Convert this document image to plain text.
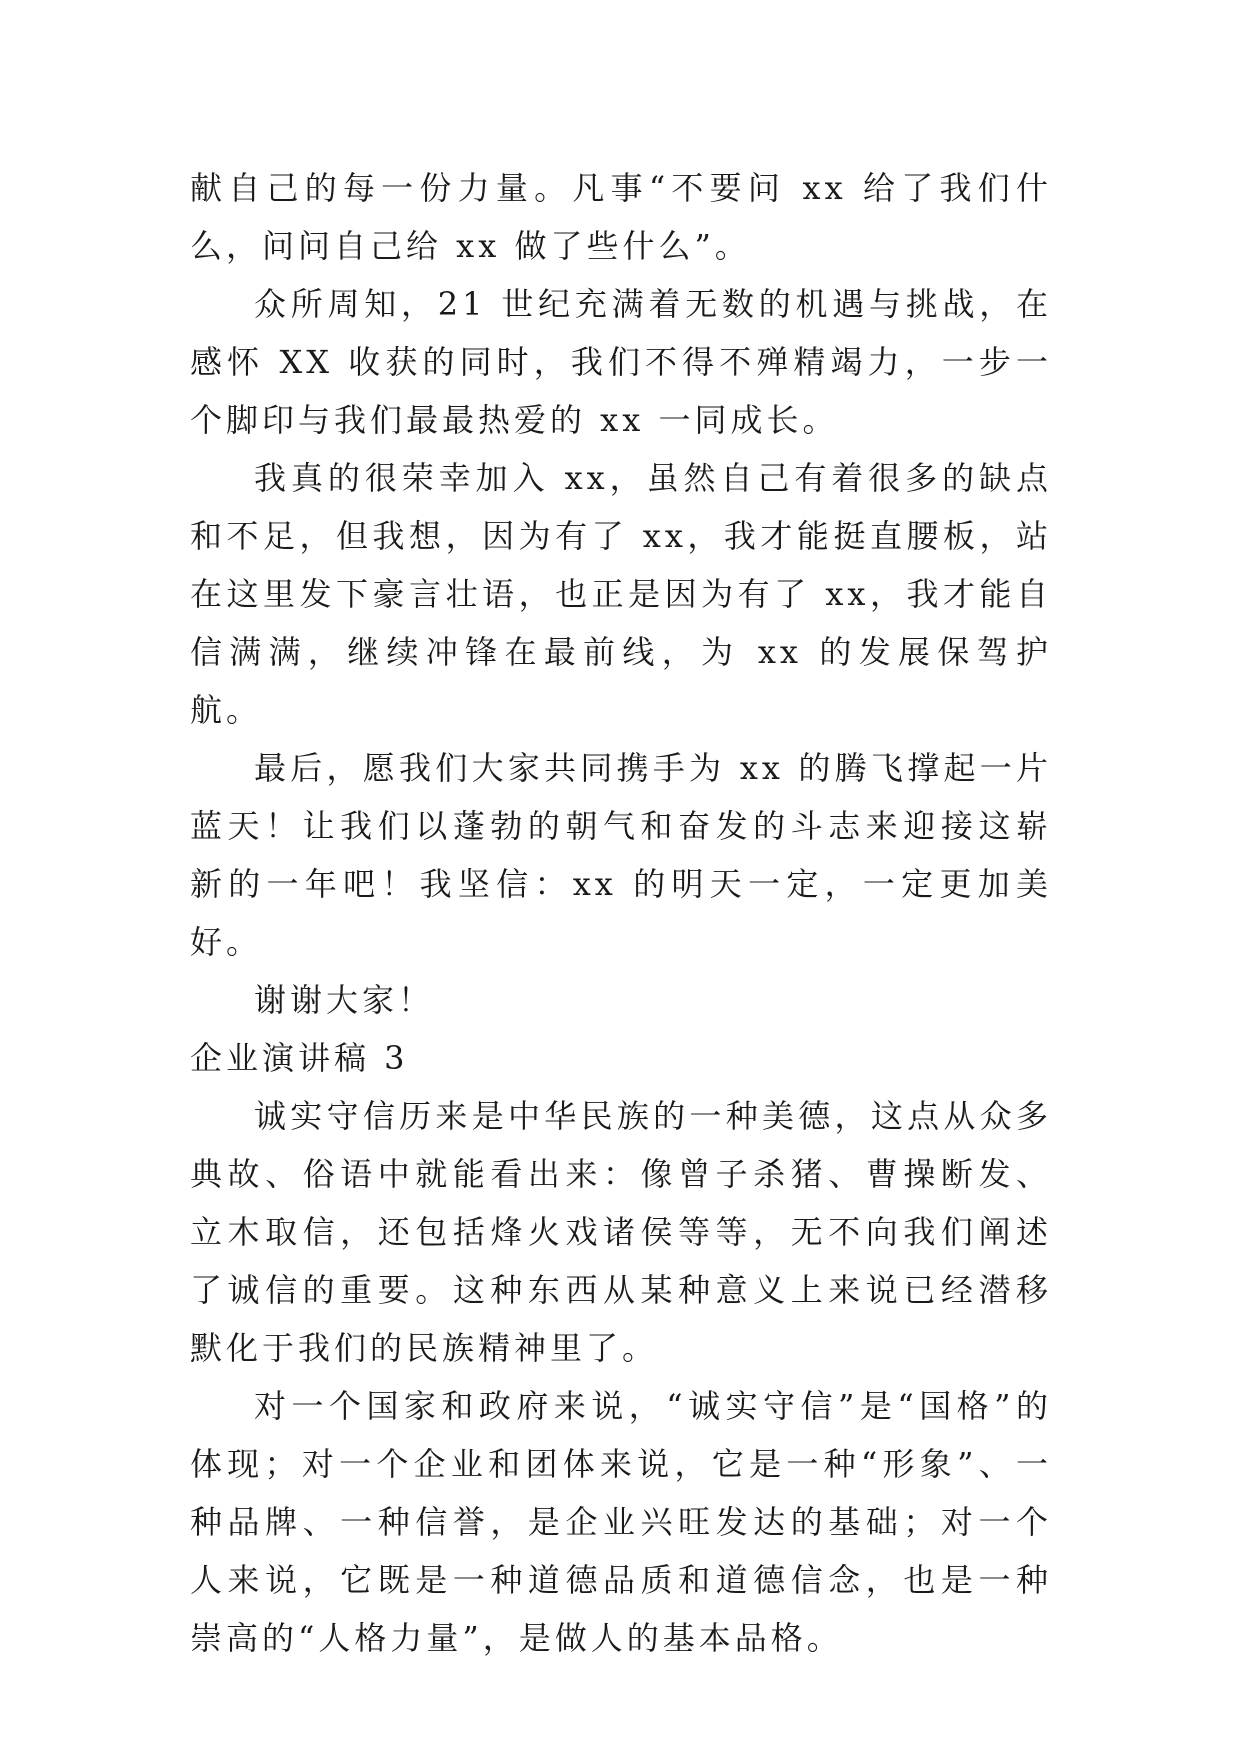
献自己的每一份力量。凡事“不要问 xx 给了我们什么，问问自己给 xx 做了些什么”。

众所周知，21 世纪充满着无数的机遇与挑战，在感怀 XX 收获的同时，我们不得不殚精竭力，一步一个脚印与我们最最热爱的 xx 一同成长。

我真的很荣幸加入 xx，虽然自己有着很多的缺点和不足，但我想，因为有了 xx，我才能挺直腰板，站在这里发下豪言壮语，也正是因为有了 xx，我才能自信满满，继续冲锋在最前线，为 xx 的发展保驾护航。

最后，愿我们大家共同携手为 xx 的腾飞撑起一片蓝天！让我们以蓬勃的朝气和奋发的斗志来迎接这崭新的一年吧！我坚信：xx 的明天一定，一定更加美好。

谢谢大家！

企业演讲稿 3

诚实守信历来是中华民族的一种美德，这点从众多典故、俗语中就能看出来：像曾子杀猪、曹操断发、立木取信，还包括烽火戏诸侯等等，无不向我们阐述了诚信的重要。这种东西从某种意义上来说已经潜移默化于我们的民族精神里了。

对一个国家和政府来说，“诚实守信”是“国格”的体现；对一个企业和团体来说，它是一种“形象”、一种品牌、一种信誉，是企业兴旺发达的基础；对一个人来说，它既是一种道德品质和道德信念，也是一种崇高的“人格力量”，是做人的基本品格。
